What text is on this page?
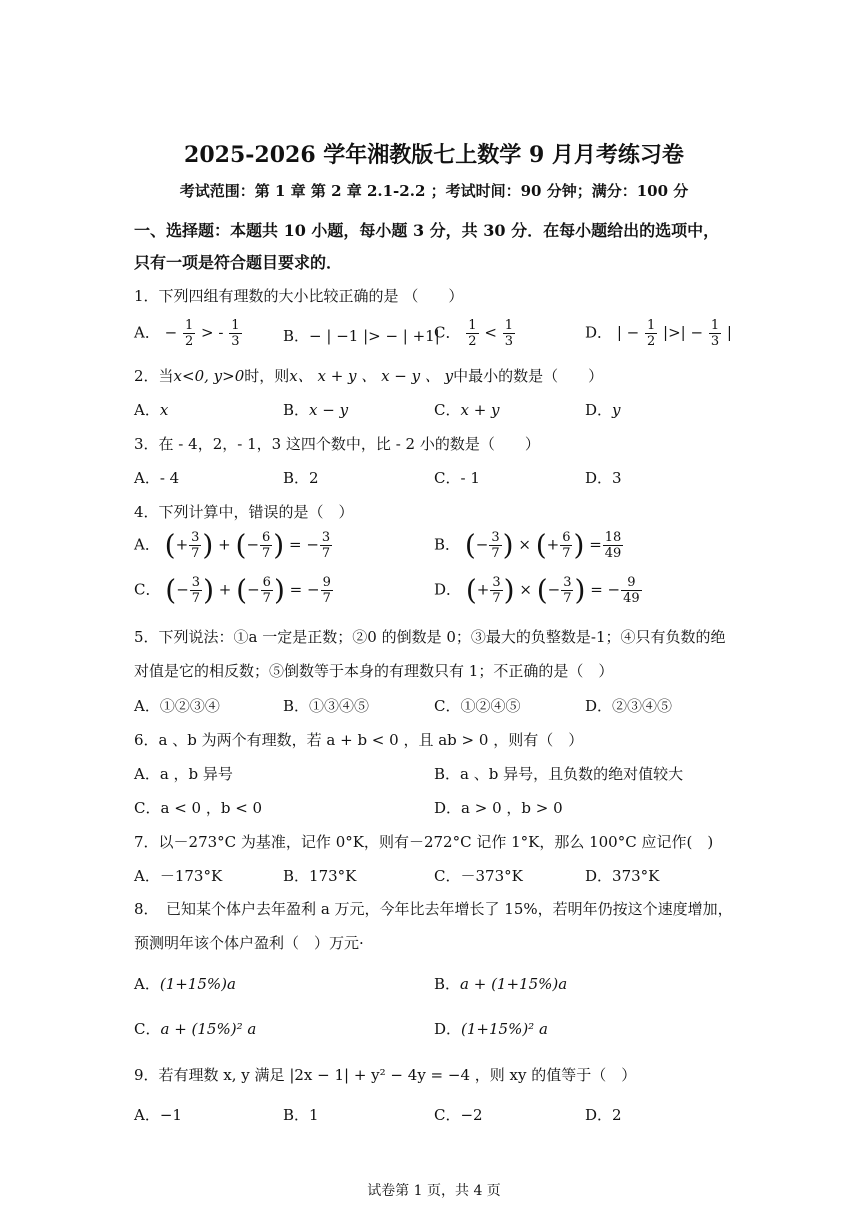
2025-2026 学年湘教版七上数学 9 月月考练习卷
考试范围：第 1 章 第 2 章 2.1-2.2 ；考试时间：90 分钟；满分：100 分
一、选择题：本题共 10 小题，每小题 3 分，共 30 分．在每小题给出的选项中，
只有一项是符合题目要求的．
1．下列四组有理数的大小比较正确的是 （　　）
A． − $\frac{1}{2}$ > - $\frac{1}{3}$	B．− | −1 |> − | +1|
C． $\frac{1}{2} < \frac{1}{3}$	D． | − $\frac{1}{2}$ |>| − $\frac{1}{3}$ |
2．当x<0, y>0时，则x、 x + y 、 x − y 、 y中最小的数是（　　）
A．x	B．x − y	C．x + y	D．y
3．在 - 4，2，- 1，3 这四个数中，比 - 2 小的数是（　　）
A．- 4	B．2	C．- 1	D．3
4．下列计算中，错误的是（　）
A． (+ $\frac{3}{7}$ ) + (− $\frac{6}{7}$ ) = − $\frac{3}{7}$	B． (− $\frac{3}{7}$ ) × (+ $\frac{6}{7}$ ) = $\frac{18}{49}$
C． (− $\frac{3}{7}$ ) + (− $\frac{6}{7}$ ) = − $\frac{9}{7}$	D． (+ $\frac{3}{7}$ ) × (− $\frac{3}{7}$ ) = − $\frac{9}{49}$
5．下列说法：①a 一定是正数；②0 的倒数是 0；③最大的负整数是-1；④只有负数的绝
对值是它的相反数；⑤倒数等于本身的有理数只有 1；不正确的是（　）
A．①②③④	B．①③④⑤	C．①②④⑤	D．②③④⑤
6．a 、b 为两个有理数，若 a + b < 0 ，且 ab > 0 ，则有（　）
A．a ，b 异号	B．a 、b 异号，且负数的绝对值较大
C．a < 0 ，b < 0	D．a > 0 ，b > 0
7．以－273°C 为基准，记作 0°K，则有－272°C 记作 1°K，那么 100°C 应记作(　)
A．－173°K	B．173°K	C．－373°K	D．373°K
8．　已知某个体户去年盈利 a 万元，今年比去年增长了 15%，若明年仍按这个速度增加，
预测明年该个体户盈利（　）万元·
A．(1+15%)a	B．a + (1+15%)a
C．a + (15%)² a	D．(1+15%)² a
9．若有理数 x, y 满足 |2x − 1| + y² − 4y = −4 ，则 xy 的值等于（　）
A．−1	B．1	C．−2	D．2
试卷第 1 页，共 4 页
